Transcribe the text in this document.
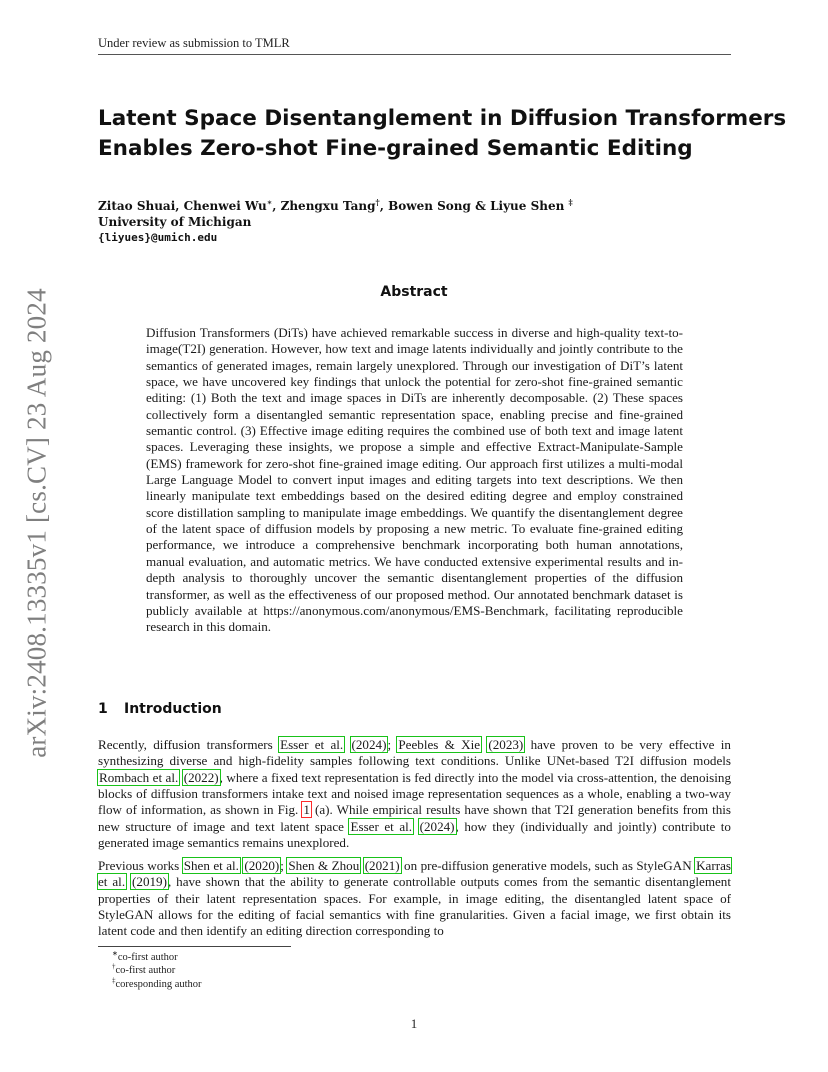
Under review as submission to TMLR
arXiv:2408.13335v1 [cs.CV] 23 Aug 2024
Latent Space Disentanglement in Diffusion Transformers
Enables Zero-shot Fine-grained Semantic Editing
Zitao Shuai, Chenwei Wu∗, Zhengxu Tang†, Bowen Song & Liyue Shen ‡
University of Michigan
{liyues}@umich.edu
Abstract
Diffusion Transformers (DiTs) have achieved remarkable success in diverse and high-quality text-to-image(T2I) generation. However, how text and image latents individually and jointly contribute to the semantics of generated images, remain largely unexplored. Through our investigation of DiT’s latent space, we have uncovered key findings that unlock the potential for zero-shot fine-grained semantic editing: (1) Both the text and image spaces in DiTs are inherently decomposable. (2) These spaces collectively form a disentangled semantic representation space, enabling precise and fine-grained semantic control. (3) Effective image editing requires the combined use of both text and image latent spaces. Leveraging these insights, we propose a simple and effective Extract-Manipulate-Sample (EMS) framework for zero-shot fine-grained image editing. Our approach first utilizes a multi-modal Large Language Model to convert input images and editing targets into text descriptions. We then linearly manipulate text embeddings based on the desired editing degree and employ constrained score distillation sampling to manipulate image embeddings. We quantify the disentanglement degree of the latent space of diffusion models by proposing a new metric. To evaluate fine-grained editing performance, we introduce a comprehensive benchmark incorporating both human annotations, manual evaluation, and automatic metrics. We have conducted extensive experimental results and in-depth analysis to thoroughly uncover the semantic disentanglement properties of the diffusion transformer, as well as the effectiveness of our proposed method. Our annotated benchmark dataset is publicly available at https://anonymous.com/anonymous/EMS-Benchmark, facilitating reproducible research in this domain.
1 Introduction
Recently, diffusion transformers Esser et al. (2024); Peebles & Xie (2023) have proven to be very effective in synthesizing diverse and high-fidelity samples following text conditions. Unlike UNet-based T2I diffusion models Rombach et al. (2022), where a fixed text representation is fed directly into the model via cross-attention, the denoising blocks of diffusion transformers intake text and noised image representation sequences as a whole, enabling a two-way flow of information, as shown in Fig. 1 (a). While empirical results have shown that T2I generation benefits from this new structure of image and text latent space Esser et al. (2024), how they (individually and jointly) contribute to generated image semantics remains unexplored.
Previous works Shen et al. (2020); Shen & Zhou (2021) on pre-diffusion generative models, such as StyleGAN Karras et al. (2019), have shown that the ability to generate controllable outputs comes from the semantic disentanglement properties of their latent representation spaces. For example, in image editing, the disentangled latent space of StyleGAN allows for the editing of facial semantics with fine granularities. Given a facial image, we first obtain its latent code and then identify an editing direction corresponding to
∗co-first author
†co-first author
‡coresponding author
1
